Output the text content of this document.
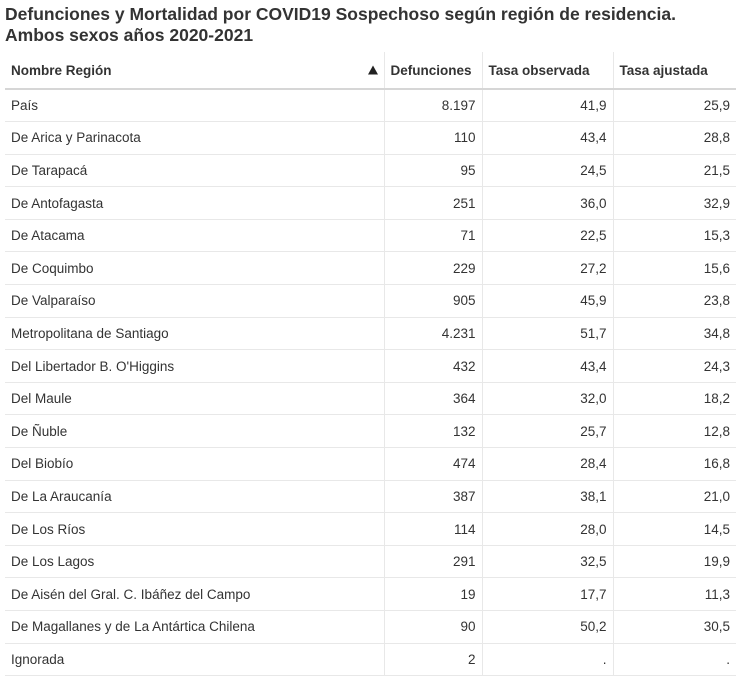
Defunciones y Mortalidad por COVID19 Sospechoso según región de residencia. Ambos sexos años 2020-2021
Nombre Región	Defunciones	Tasa observada	Tasa ajustada
País	8.197	41,9	25,9
De Arica y Parinacota	110	43,4	28,8
De Tarapacá	95	24,5	21,5
De Antofagasta	251	36,0	32,9
De Atacama	71	22,5	15,3
De Coquimbo	229	27,2	15,6
De Valparaíso	905	45,9	23,8
Metropolitana de Santiago	4.231	51,7	34,8
Del Libertador B. O'Higgins	432	43,4	24,3
Del Maule	364	32,0	18,2
De Ñuble	132	25,7	12,8
Del Biobío	474	28,4	16,8
De La Araucanía	387	38,1	21,0
De Los Ríos	114	28,0	14,5
De Los Lagos	291	32,5	19,9
De Aisén del Gral. C. Ibáñez del Campo	19	17,7	11,3
De Magallanes y de La Antártica Chilena	90	50,2	30,5
Ignorada	2	.	.
